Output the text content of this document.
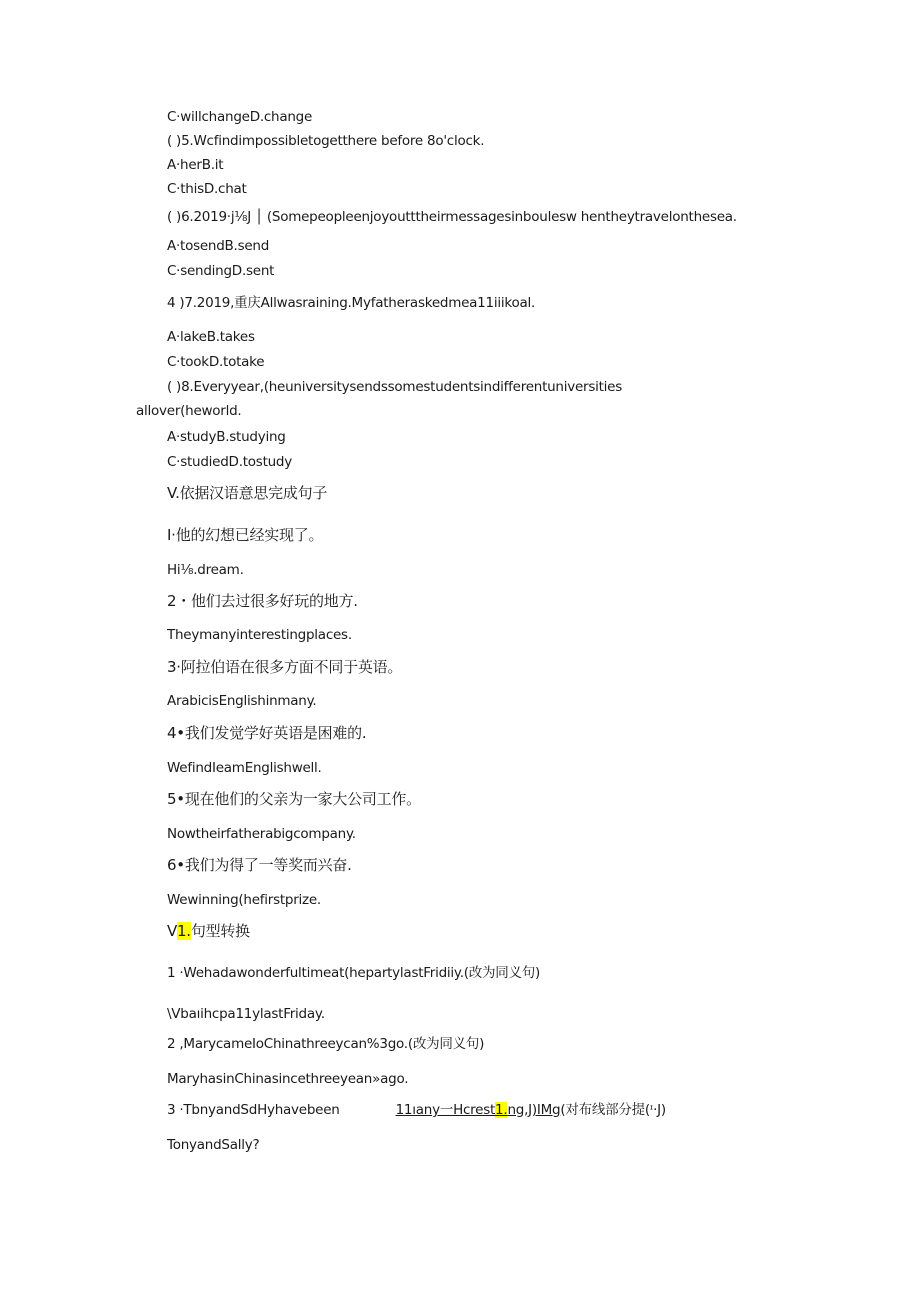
C·willchangeD.change
( )5.Wcfindimpossibletogetthere before 8o'clock.
A·herB.it
C·thisD.chat
( )6.2019·j⅛J │ (Somepeopleenjoyoutttheirmessagesinboulesw hentheytravelonthesea.
A·tosendB.send
C·sendingD.sent
4 )7.2019,重庆Allwasraining.Myfatheraskedmea11iiikoal.
A·lakeB.takes
C·tookD.totake
( )8.Everyyear,(heuniversitysendssomestudentsindifferentuniversities
allover(heworld.
A·studyB.studying
C·studiedD.tostudy
V.依据汉语意思完成句子
I·他的幻想已经实现了。
Hi⅛.dream.
2・他们去过很多好玩的地方.
Theymanyinterestingplaces.
3·阿拉伯语在很多方面不同于英语。
ArabicisEnglishinmany.
4•我们发觉学好英语是困难的.
WefindIeamEnglishwell.
5•现在他们的父亲为一家大公司工作。
Nowtheirfatherabigcompany.
6•我们为得了一等奖而兴奋.
Wewinning(hefirstprize.
V1.句型转换
1 ·Wehadawonderfultimeat(hepartylastFridiiy.(改为同义句)
\Vbaıihcpa11ylastFriday.
2 ,MarycameIoChinathreeycan%3go.(改为同义句)
MaryhasinChinasincethreeyean»ago.
3 ·TbnyandSdHyhavebeen	11ıany一Hcrest1.ng,J)IMg(对布线部分提(ᶦ·J)
TonyandSally?
